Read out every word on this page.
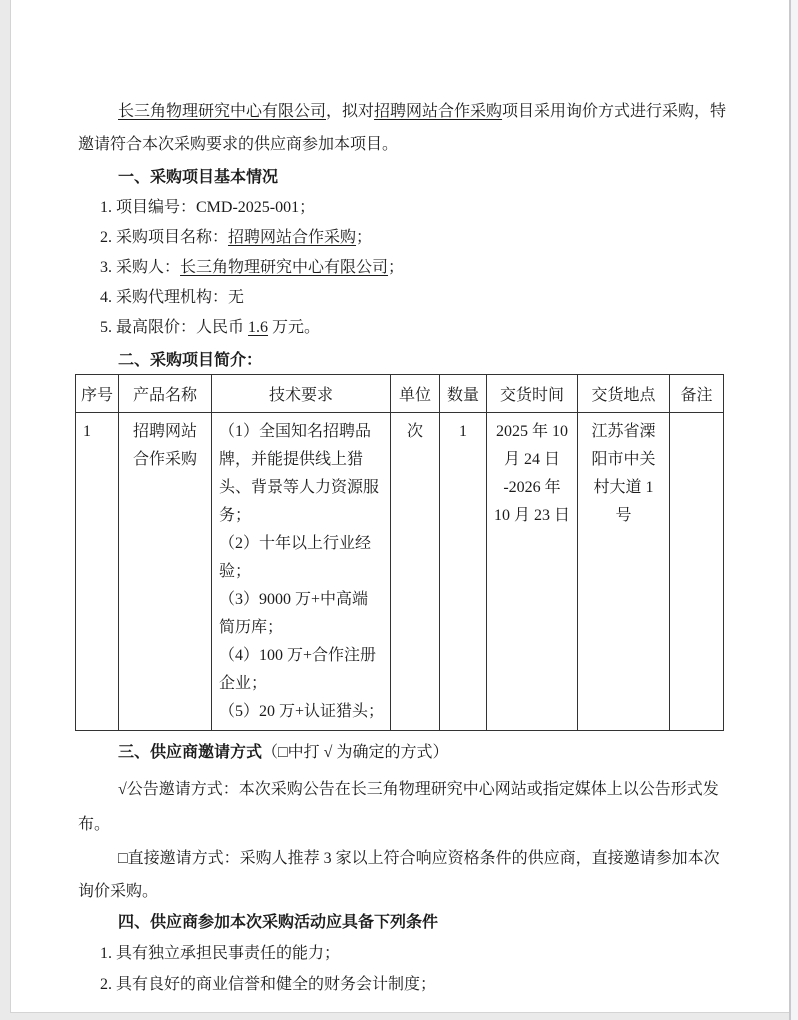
长三角物理研究中心有限公司，拟对招聘网站合作采购项目采用询价方式进行采购，特邀请符合本次采购要求的供应商参加本项目。

一、采购项目基本情况
1. 项目编号：CMD-2025-001；
2. 采购项目名称：招聘网站合作采购；
3. 采购人：长三角物理研究中心有限公司；
4. 采购代理机构：无
5. 最高限价：人民币 1.6 万元。
二、采购项目简介：
序号	产品名称	技术要求	单位	数量	交货时间	交货地点	备注
1	招聘网站合作采购	（1）全国知名招聘品牌，并能提供线上猎头、背景等人力资源服务；
（2）十年以上行业经验；
（3）9000 万+中高端简历库；
（4）100 万+合作注册企业；
（5）20 万+认证猎头；	次	1	2025 年 10 月 24 日 -2026 年 10 月 23 日	江苏省溧阳市中关村大道 1 号	
三、供应商邀请方式（□中打 √ 为确定的方式）

√公告邀请方式：本次采购公告在长三角物理研究中心网站或指定媒体上以公告形式发布。

□直接邀请方式：采购人推荐 3 家以上符合响应资格条件的供应商，直接邀请参加本次询价采购。

四、供应商参加本次采购活动应具备下列条件
1. 具有独立承担民事责任的能力；
2. 具有良好的商业信誉和健全的财务会计制度；
